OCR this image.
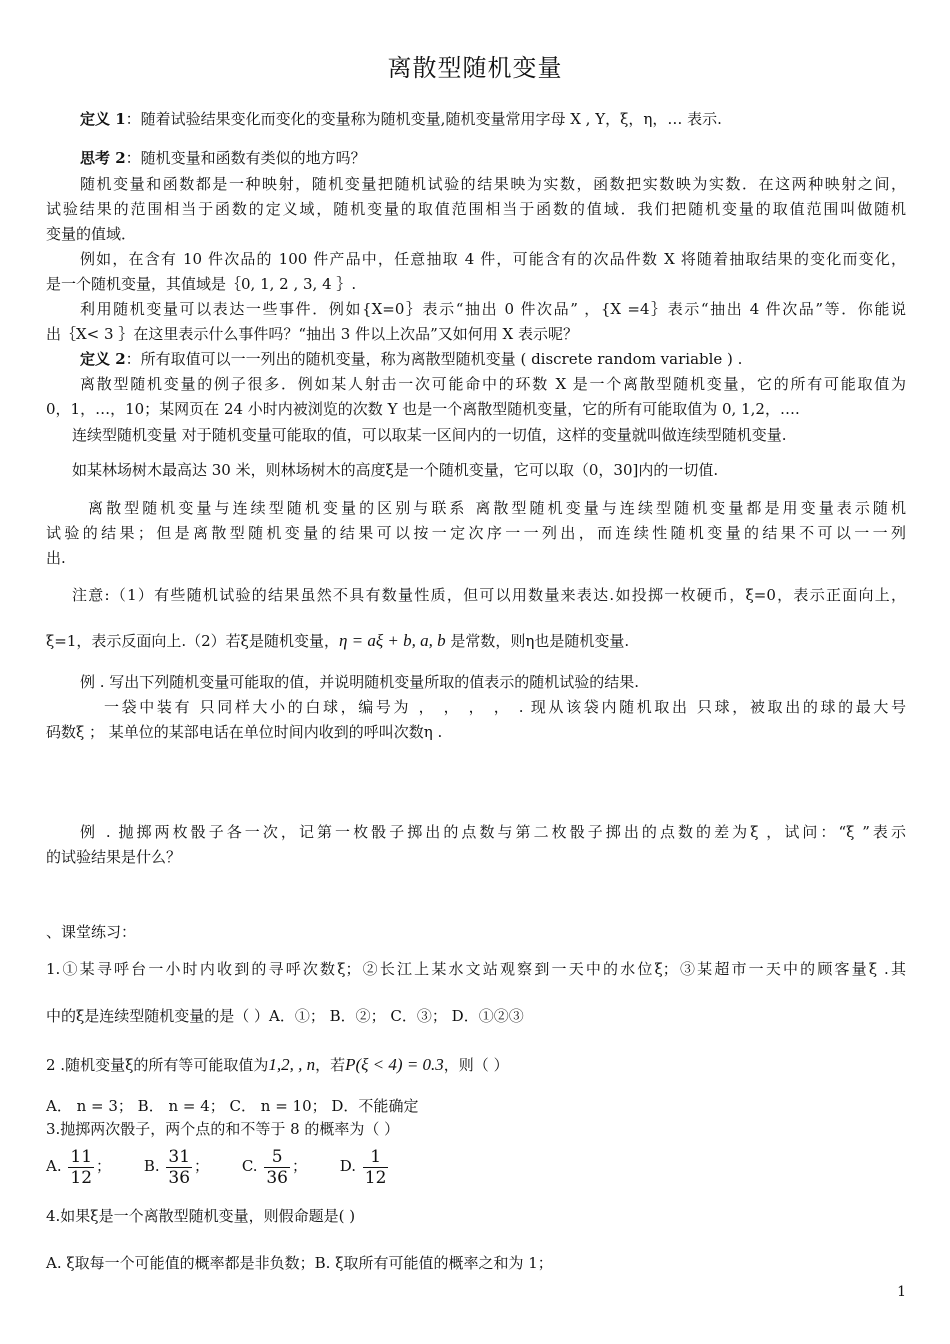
离散型随机变量
定义 1：随着试验结果变化而变化的变量称为随机变量,随机变量常用字母 X , Y，ξ，η，… 表示.
思考 2：随机变量和函数有类似的地方吗？
随机变量和函数都是一种映射，随机变量把随机试验的结果映为实数，函数把实数映为实数．在这两种映射之间，
试验结果的范围相当于函数的定义域，随机变量的取值范围相当于函数的值域．我们把随机变量的取值范围叫做随机
变量的值域．
例如，在含有 10 件次品的 100 件产品中，任意抽取 4 件，可能含有的次品件数 X 将随着抽取结果的变化而变化，
是一个随机变量，其值域是｛0, 1, 2 , 3, 4 ｝.
利用随机变量可以表达一些事件．例如{X=0｝表示“抽出 0 件次品” ，{X =4｝表示“抽出 4 件次品”等．你能说
出｛X< 3 ｝在这里表示什么事件吗？“抽出 3 件以上次品”又如何用 X 表示呢？
定义 2：所有取值可以一一列出的随机变量，称为离散型随机变量 ( discrete random variable ) .
离散型随机变量的例子很多．例如某人射击一次可能命中的环数 X 是一个离散型随机变量，它的所有可能取值为
0，1，…，10；某网页在 24 小时内被浏览的次数 Y 也是一个离散型随机变量，它的所有可能取值为 0, 1,2，….
连续型随机变量 对于随机变量可能取的值，可以取某一区间内的一切值，这样的变量就叫做连续型随机变量.
如某林场树木最高达 30 米，则林场树木的高度ξ是一个随机变量，它可以取（0，30]内的一切值.
离散型随机变量与连续型随机变量的区别与联系 离散型随机变量与连续型随机变量都是用变量表示随机
试验的结果；但是离散型随机变量的结果可以按一定次序一一列出，而连续性随机变量的结果不可以一一列
出.
注意:（1）有些随机试验的结果虽然不具有数量性质，但可以用数量来表达.如投掷一枚硬币，ξ=0，表示正面向上，
ξ=1，表示反面向上.（2）若ξ是随机变量，η = aξ + b, a, b 是常数，则η也是随机变量.
例 . 写出下列随机变量可能取的值，并说明随机变量所取的值表示的随机试验的结果.
一袋中装有 只同样大小的白球，编号为 ， ， ， ， . 现从该袋内随机取出 只球，被取出的球的最大号
码数ξ ； 某单位的某部电话在单位时间内收到的呼叫次数η .
例 . 抛掷两枚骰子各一次，记第一枚骰子掷出的点数与第二枚骰子掷出的点数的差为ξ ，试问：“ξ ”表示
的试验结果是什么？
、课堂练习：
1.①某寻呼台一小时内收到的寻呼次数ξ；②长江上某水文站观察到一天中的水位ξ；③某超市一天中的顾客量ξ .其
中的ξ是连续型随机变量的是（ ）A．①； B．②； C．③； D．①②③
2 .随机变量ξ的所有等可能取值为1,2, , n，若P(ξ < 4) = 0.3，则（ ）
A． n = 3； B． n = 4； C． n = 10； D．不能确定
3.抛掷两次骰子，两个点的和不等于 8 的概率为（ ）
A. $\frac{11}{12}$ ； B. $\frac{31}{36}$ ； C. $\frac{5}{36}$ ； D. $\frac{1}{12}$
4.如果ξ是一个离散型随机变量，则假命题是( )
A. ξ取每一个可能值的概率都是非负数；B. ξ取所有可能值的概率之和为 1；
1
